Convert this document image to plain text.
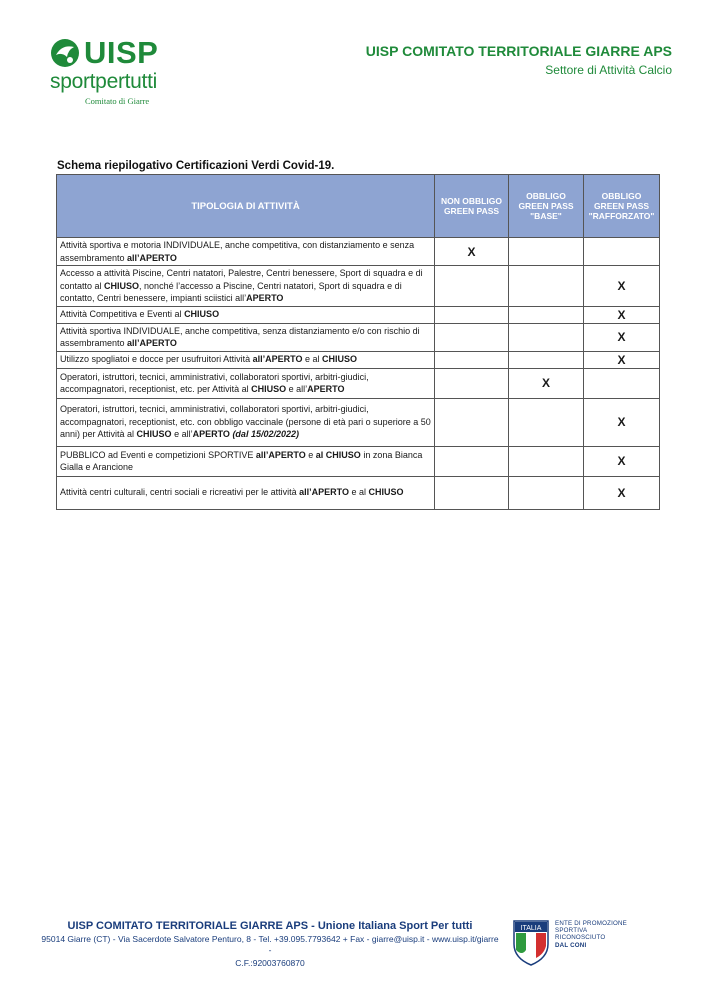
UISP
sportpertutti
Comitato di Giarre
UISP COMITATO TERRITORIALE GIARRE APS
Settore di Attività Calcio
Schema riepilogativo Certificazioni Verdi Covid-19.
TIPOLOGIA DI ATTIVITÀ	NON OBBLIGO GREEN PASS	OBBLIGO GREEN PASS "BASE"	OBBLIGO GREEN PASS "RAFFORZATO"
Attività sportiva e motoria INDIVIDUALE, anche competitiva, con distanziamento e senza assembramento all’APERTO	X		
Accesso a attività Piscine, Centri natatori, Palestre, Centri benessere, Sport di squadra e di contatto al CHIUSO, nonché l’accesso a Piscine, Centri natatori, Sport di squadra e di contatto, Centri benessere, impianti sciistici all’APERTO			X
Attività Competitiva e Eventi al CHIUSO			X
Attività sportiva INDIVIDUALE, anche competitiva, senza distanziamento e/o con rischio di assembramento all’APERTO			X
Utilizzo spogliatoi e docce per usufruitori Attività all’APERTO e al CHIUSO			X
Operatori, istruttori, tecnici, amministrativi, collaboratori sportivi, arbitri-giudici, accompagnatori, receptionist, etc. per Attività al CHIUSO e all’APERTO		X	
Operatori, istruttori, tecnici, amministrativi, collaboratori sportivi, arbitri-giudici, accompagnatori, receptionist, etc. con obbligo vaccinale (persone di età pari o superiore a 50 anni) per Attività al CHIUSO e all’APERTO (dal 15/02/2022)			X
PUBBLICO ad Eventi e competizioni SPORTIVE all’APERTO e al CHIUSO in zona Bianca Gialla e Arancione			X
Attività centri culturali, centri sociali e ricreativi per le attività all’APERTO e al CHIUSO			X
UISP COMITATO TERRITORIALE GIARRE APS - Unione Italiana Sport Per tutti
95014 Giarre (CT) - Via Sacerdote Salvatore Penturo, 8 - Tel. +39.095.7793642 + Fax - giarre@uisp.it - www.uisp.it/giarre -
C.F.:92003760870
ITALIA
ENTE DI PROMOZIONE
SPORTIVA
RICONOSCIUTO
DAL CONI
